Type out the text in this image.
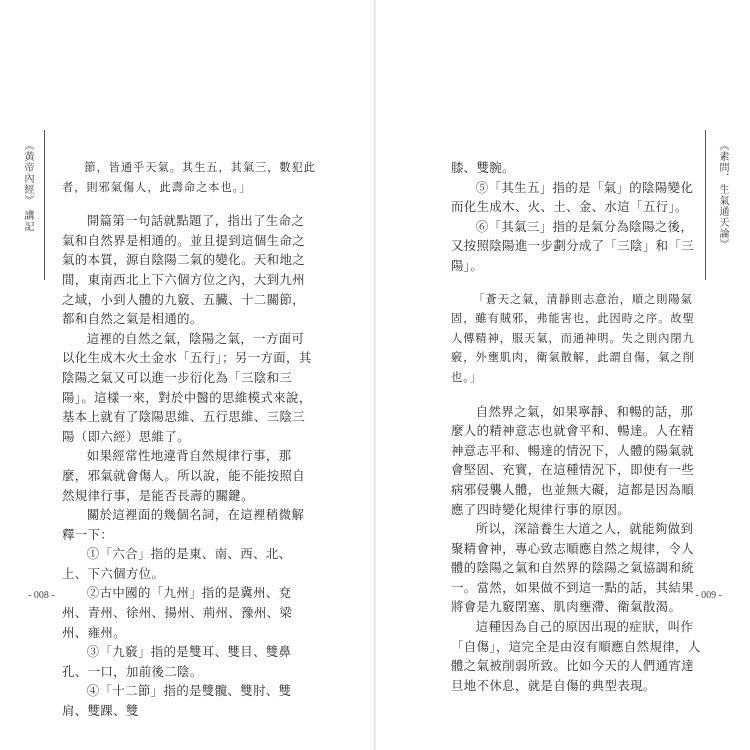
《黃帝內經》
講記

節，皆通乎天氣。其生五，其氣三，數犯此者，則邪氣傷人，此壽命之本也。」

開篇第一句話就點題了，指出了生命之氣和自然界是相通的。並且提到這個生命之氣的本質，源自陰陽二氣的變化。天和地之間，東南西北上下六個方位之內，大到九州之域，小到人體的九竅、五臟、十二關節，都和自然之氣是相通的。

這裡的自然之氣，陰陽之氣，一方面可以化生成木火土金水「五行」；另一方面，其陰陽之氣又可以進一步衍化為「三陰和三陽」。這樣一來，對於中醫的思維模式來說，基本上就有了陰陽思維、五行思維、三陰三陽（即六經）思維了。

如果經常性地違背自然規律行事，那麼，邪氣就會傷人。所以說，能不能按照自然規律行事，是能否長壽的關鍵。

關於這裡面的幾個名詞，在這裡稍微解釋一下：

①「六合」指的是東、南、西、北、上、下六個方位。

②古中國的「九州」指的是冀州、兗州、青州、徐州、揚州、荊州、豫州、梁州、雍州。

③「九竅」指的是雙耳、雙目、雙鼻孔、一口，加前後二陰。

④「十二節」指的是雙髖、雙肘、雙肩、雙踝、雙

- 008 -
《素問．生氣通天論》

膝、雙腕。

⑤「其生五」指的是「氣」的陰陽變化而化生成木、火、土、金、水這「五行」。

⑥「其氣三」指的是氣分為陰陽之後，又按照陰陽進一步劃分成了「三陰」和「三陽」。

「蒼天之氣，清靜則志意治，順之則陽氣固，雖有賊邪，弗能害也，此因時之序。故聖人傳精神，服天氣，而通神明。失之則內閉九竅，外壅肌肉，衛氣散解，此謂自傷，氣之削也。」

自然界之氣，如果寧靜、和暢的話，那麼人的精神意志也就會平和、暢達。人在精神意志平和、暢達的情況下，人體的陽氣就會堅固、充實，在這種情況下，即使有一些病邪侵襲人體，也並無大礙，這都是因為順應了四時變化規律行事的原因。

所以，深諳養生大道之人，就能夠做到聚精會神，專心致志順應自然之規律，令人體的陰陽之氣和自然界的陰陽之氣協調和統一。當然，如果做不到這一點的話，其結果將會是九竅閉塞、肌肉壅滯、衛氣散渴。

這種因為自己的原因出現的症狀，叫作「自傷」，這完全是由沒有順應自然規律，人體之氣被削弱所致。比如今天的人們通宵達旦地不休息，就是自傷的典型表現。

- 009 -
